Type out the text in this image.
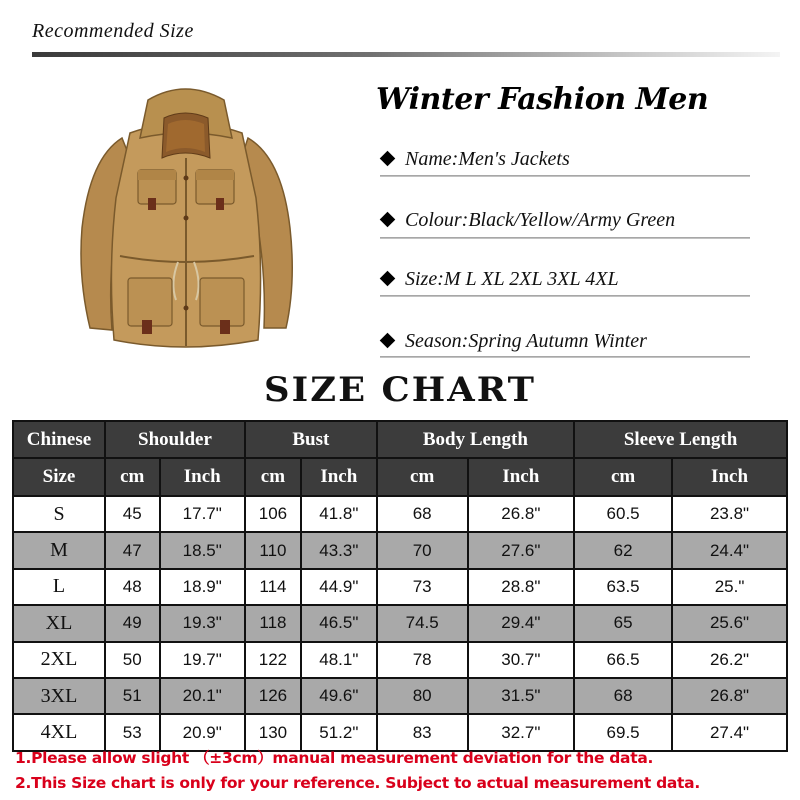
Recommended Size
Winter Fashion Men
Name:Men's Jackets
Colour:Black/Yellow/Army Green
Size:M L XL 2XL 3XL 4XL
Season:Spring Autumn Winter
SIZE CHART
Chinese	Shoulder		Bust		Body Length		Sleeve Length	
Size	cm	Inch	cm	Inch	cm	Inch	cm	Inch
S	45	17.7"	106	41.8"	68	26.8"	60.5	23.8"
M	47	18.5"	110	43.3"	70	27.6"	62	24.4"
L	48	18.9"	114	44.9"	73	28.8"	63.5	25."
XL	49	19.3"	118	46.5"	74.5	29.4"	65	25.6"
2XL	50	19.7"	122	48.1"	78	30.7"	66.5	26.2"
3XL	51	20.1"	126	49.6"	80	31.5"	68	26.8"
4XL	53	20.9"	130	51.2"	83	32.7"	69.5	27.4"
1.Please allow slight （±3cm）manual measurement deviation for the data.
2.This Size chart is only for your reference. Subject to actual measurement data.
